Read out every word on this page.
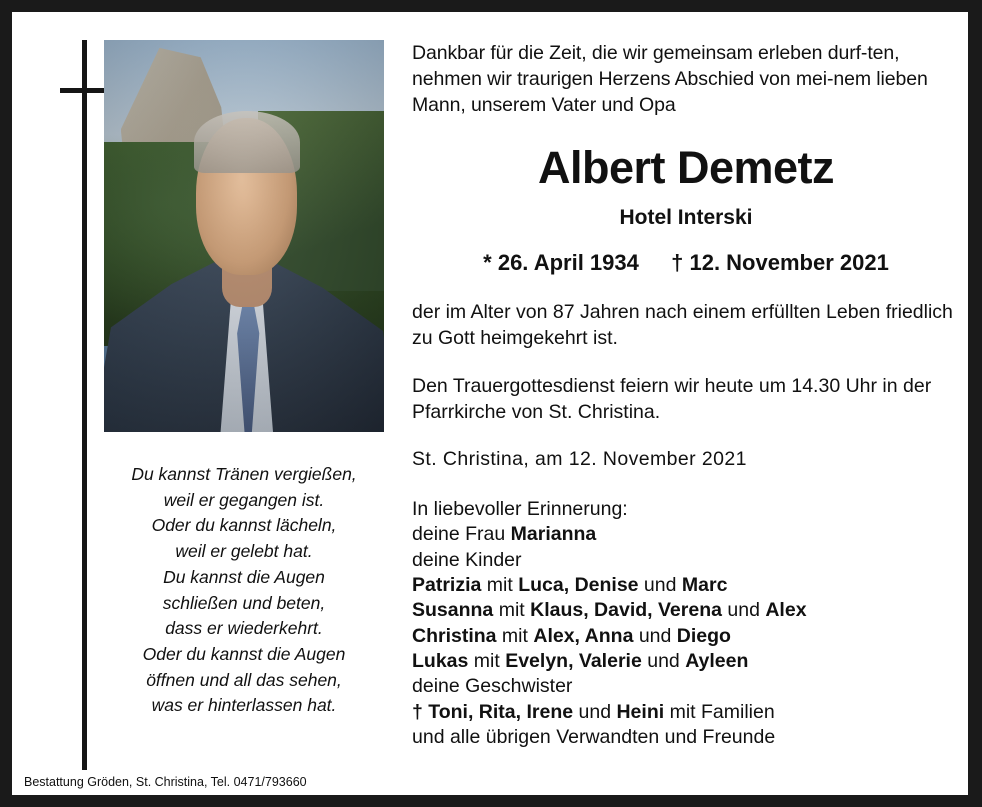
Du kannst Tränen vergießen,
weil er gegangen ist.
Oder du kannst lächeln,
weil er gelebt hat.
Du kannst die Augen
schließen und beten,
dass er wiederkehrt.
Oder du kannst die Augen
öffnen und all das sehen,
was er hinterlassen hat.
Dankbar für die Zeit, die wir gemeinsam erleben durf-ten, nehmen wir traurigen Herzens Abschied von mei-nem lieben Mann, unserem Vater und Opa
Albert Demetz
Hotel Interski
* 26. April 1934 † 12. November 2021
der im Alter von 87 Jahren nach einem erfüllten Leben friedlich zu Gott heimgekehrt ist.
Den Trauergottesdienst feiern wir heute um 14.30 Uhr in der Pfarrkirche von St. Christina.
St. Christina, am 12. November 2021
In liebevoller Erinnerung:
deine Frau Marianna
deine Kinder
Patrizia mit Luca, Denise und Marc
Susanna mit Klaus, David, Verena und Alex
Christina mit Alex, Anna und Diego
Lukas mit Evelyn, Valerie und Ayleen
deine Geschwister
† Toni, Rita, Irene und Heini mit Familien
und alle übrigen Verwandten und Freunde
Bestattung Gröden, St. Christina, Tel. 0471/793660
